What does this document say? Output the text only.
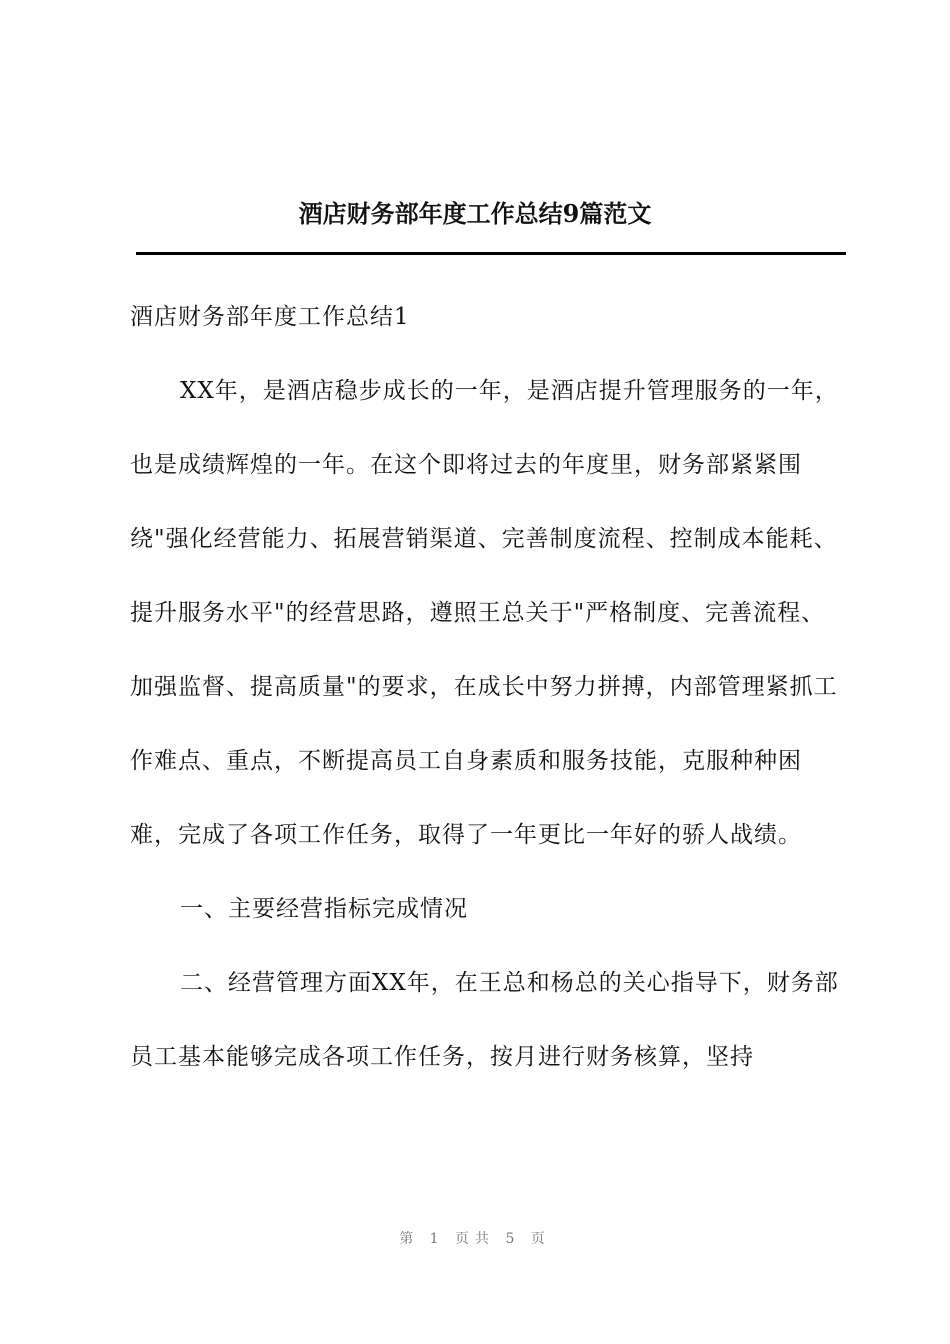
酒店财务部年度工作总结9篇范文

酒店财务部年度工作总结1

XX年，是酒店稳步成长的一年，是酒店提升管理服务的一年，也是成绩辉煌的一年。在这个即将过去的年度里，财务部紧紧围绕"强化经营能力、拓展营销渠道、完善制度流程、控制成本能耗、提升服务水平"的经营思路，遵照王总关于"严格制度、完善流程、加强监督、提高质量"的要求，在成长中努力拼搏，内部管理紧抓工作难点、重点，不断提高员工自身素质和服务技能，克服种种困难，完成了各项工作任务，取得了一年更比一年好的骄人战绩。

一、主要经营指标完成情况

二、经营管理方面XX年，在王总和杨总的关心指导下，财务部员工基本能够完成各项工作任务，按月进行财务核算，坚持

第 1 页共 5 页
